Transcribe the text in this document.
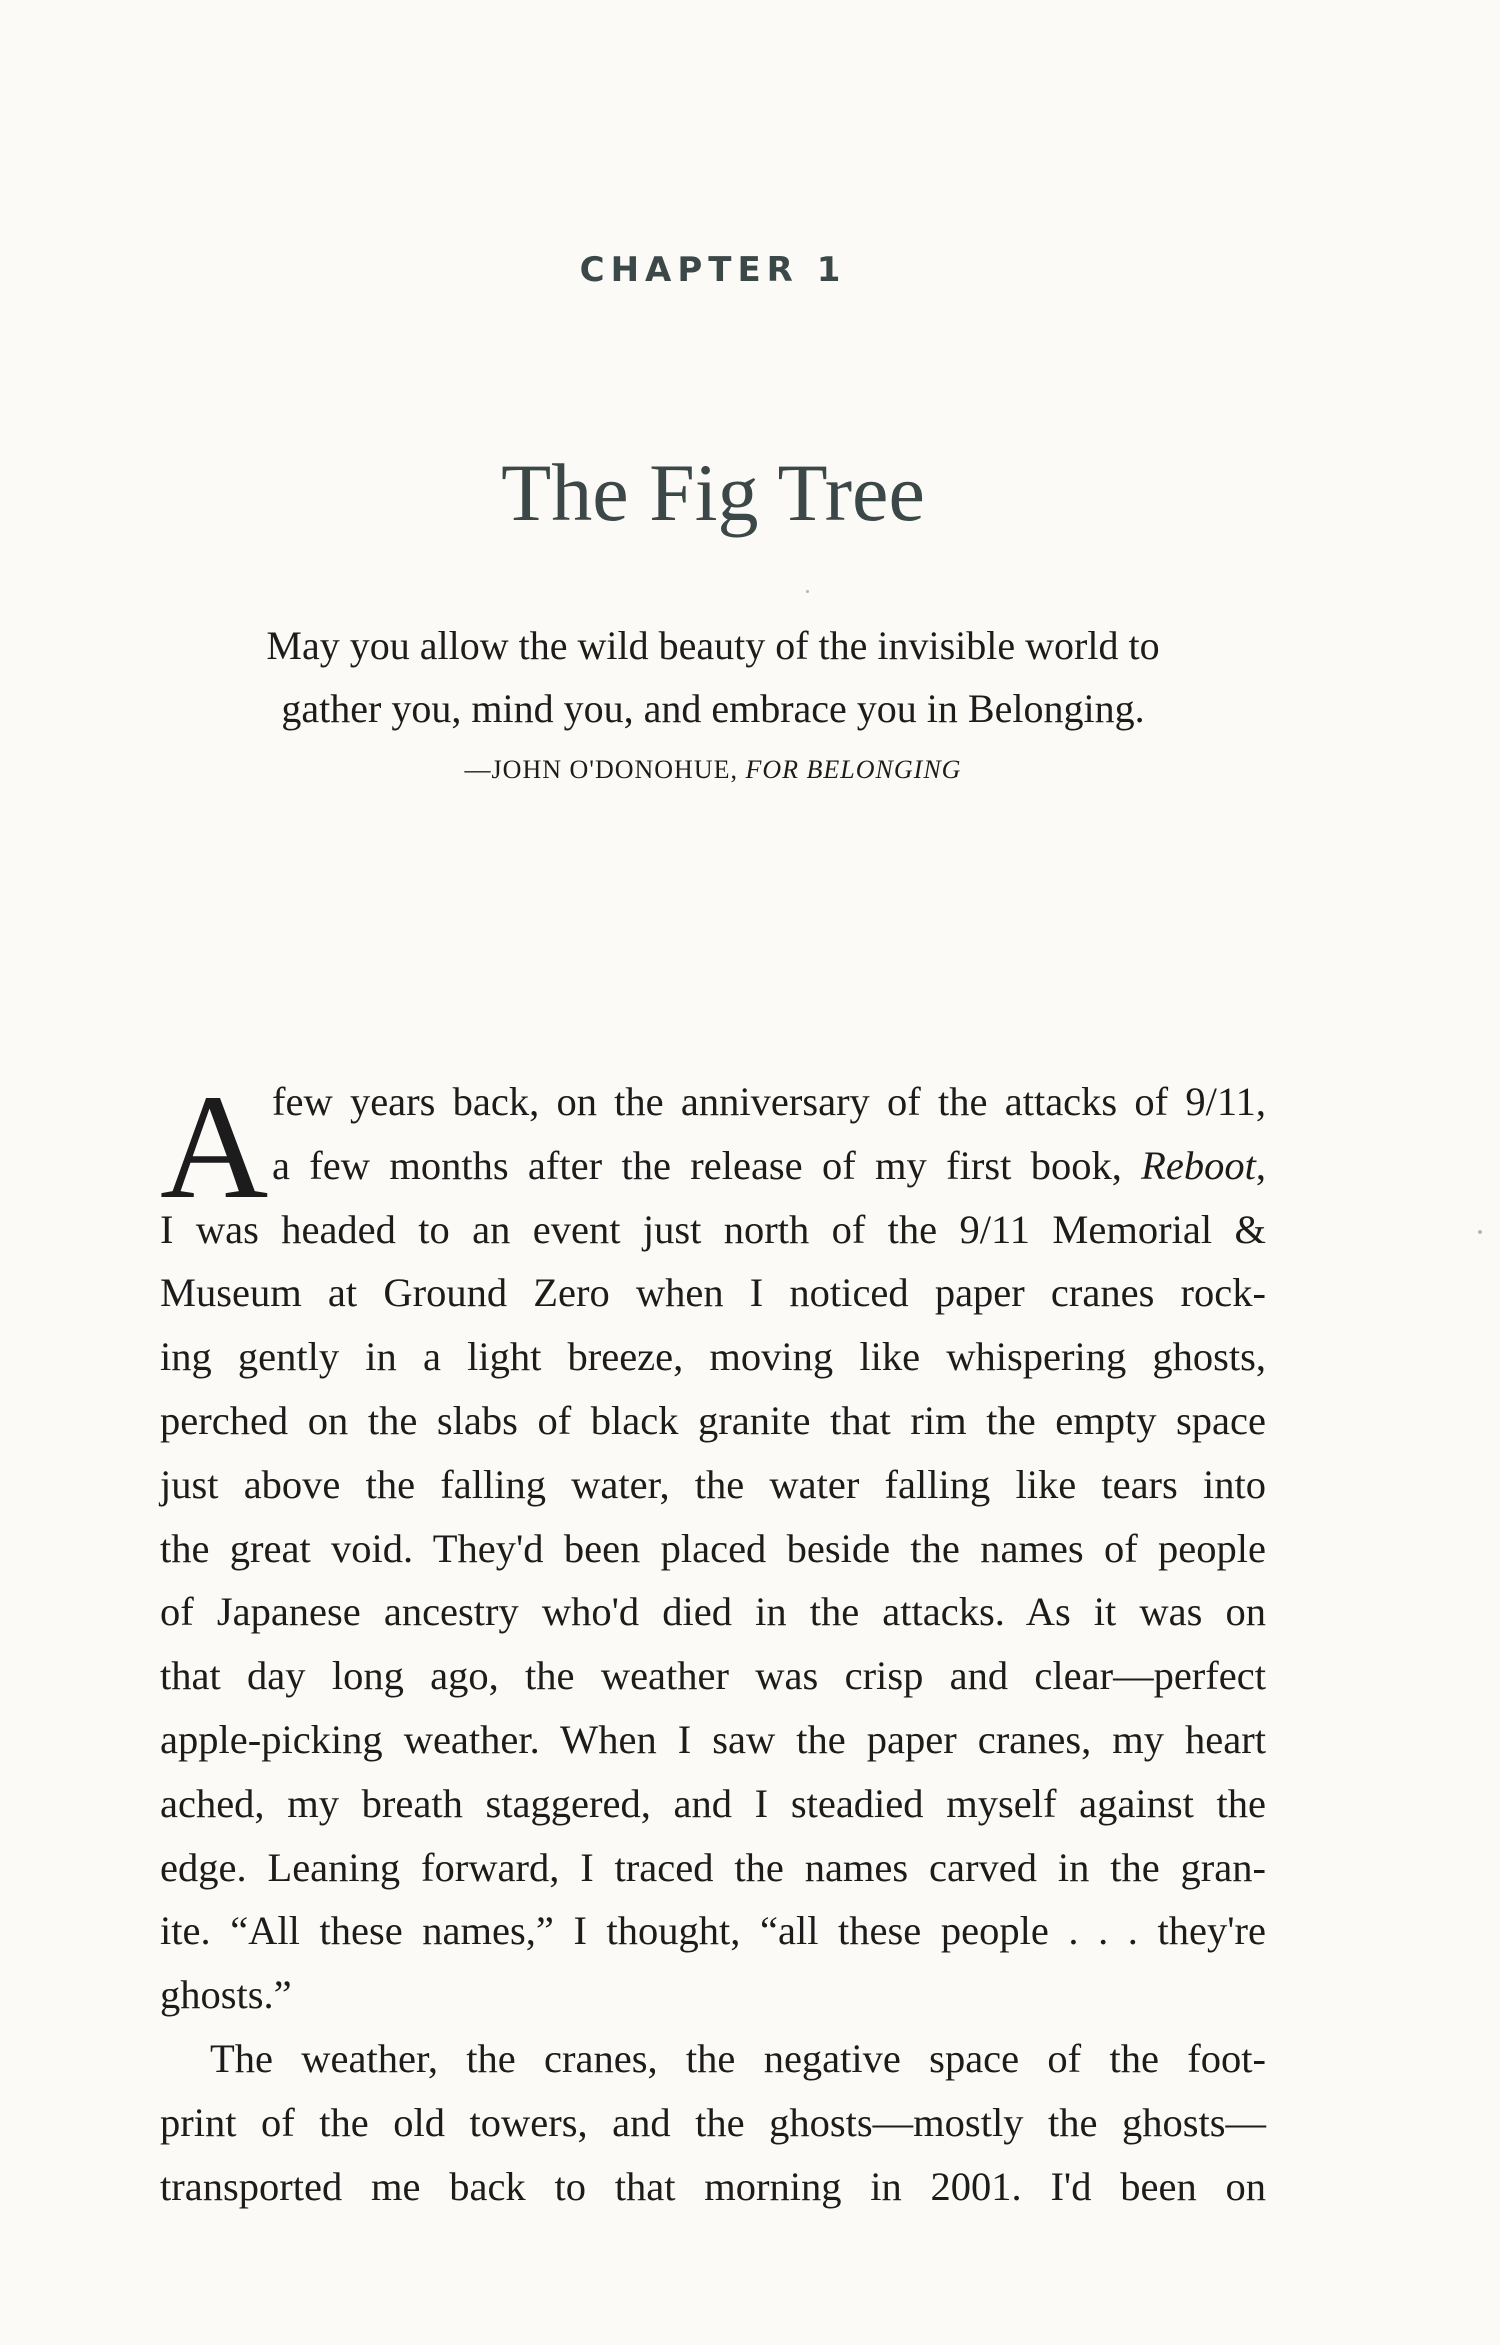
CHAPTER 1
The Fig Tree
May you allow the wild beauty of the invisible world to
gather you, mind you, and embrace you in Belonging.
—JOHN O'DONOHUE, FOR BELONGING
A few years back, on the anniversary of the attacks of 9/11,
a few months after the release of my first book, Reboot,
I was headed to an event just north of the 9/11 Memorial &
Museum at Ground Zero when I noticed paper cranes rock-
ing gently in a light breeze, moving like whispering ghosts,
perched on the slabs of black granite that rim the empty space
just above the falling water, the water falling like tears into
the great void. They'd been placed beside the names of people
of Japanese ancestry who'd died in the attacks. As it was on
that day long ago, the weather was crisp and clear—perfect
apple-picking weather. When I saw the paper cranes, my heart
ached, my breath staggered, and I steadied myself against the
edge. Leaning forward, I traced the names carved in the gran-
ite. “All these names,” I thought, “all these people . . . they're
ghosts.”
The weather, the cranes, the negative space of the foot-
print of the old towers, and the ghosts—mostly the ghosts—
transported me back to that morning in 2001. I'd been on
